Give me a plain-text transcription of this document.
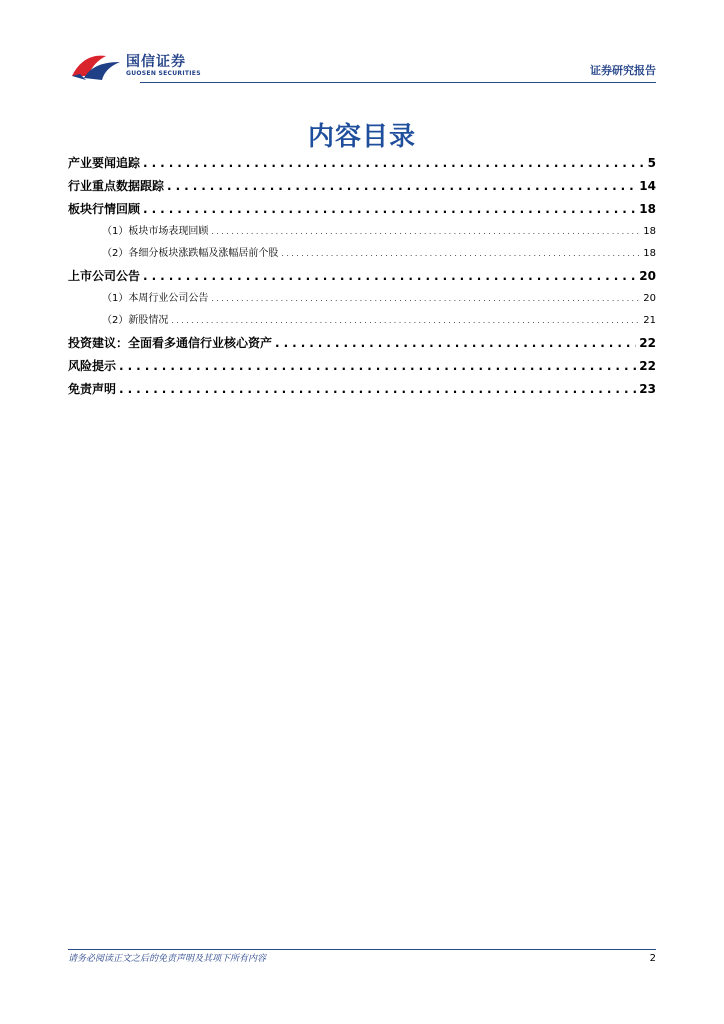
国信证券
GUOSEN SECURITIES	证券研究报告
内容目录
产业要闻追踪 .....	5
行业重点数据跟踪 .....	14
板块行情回顾 .....	18
（1）板块市场表现回顾 .....	18
（2）各细分板块涨跌幅及涨幅居前个股 .....	18
上市公司公告 .....	20
（1）本周行业公司公告 .....	20
（2）新股情况 .....	21
投资建议：全面看多通信行业核心资产 .....	22
风险提示 .....	22
免责声明 .....	23
请务必阅读正文之后的免责声明及其项下所有内容	2
